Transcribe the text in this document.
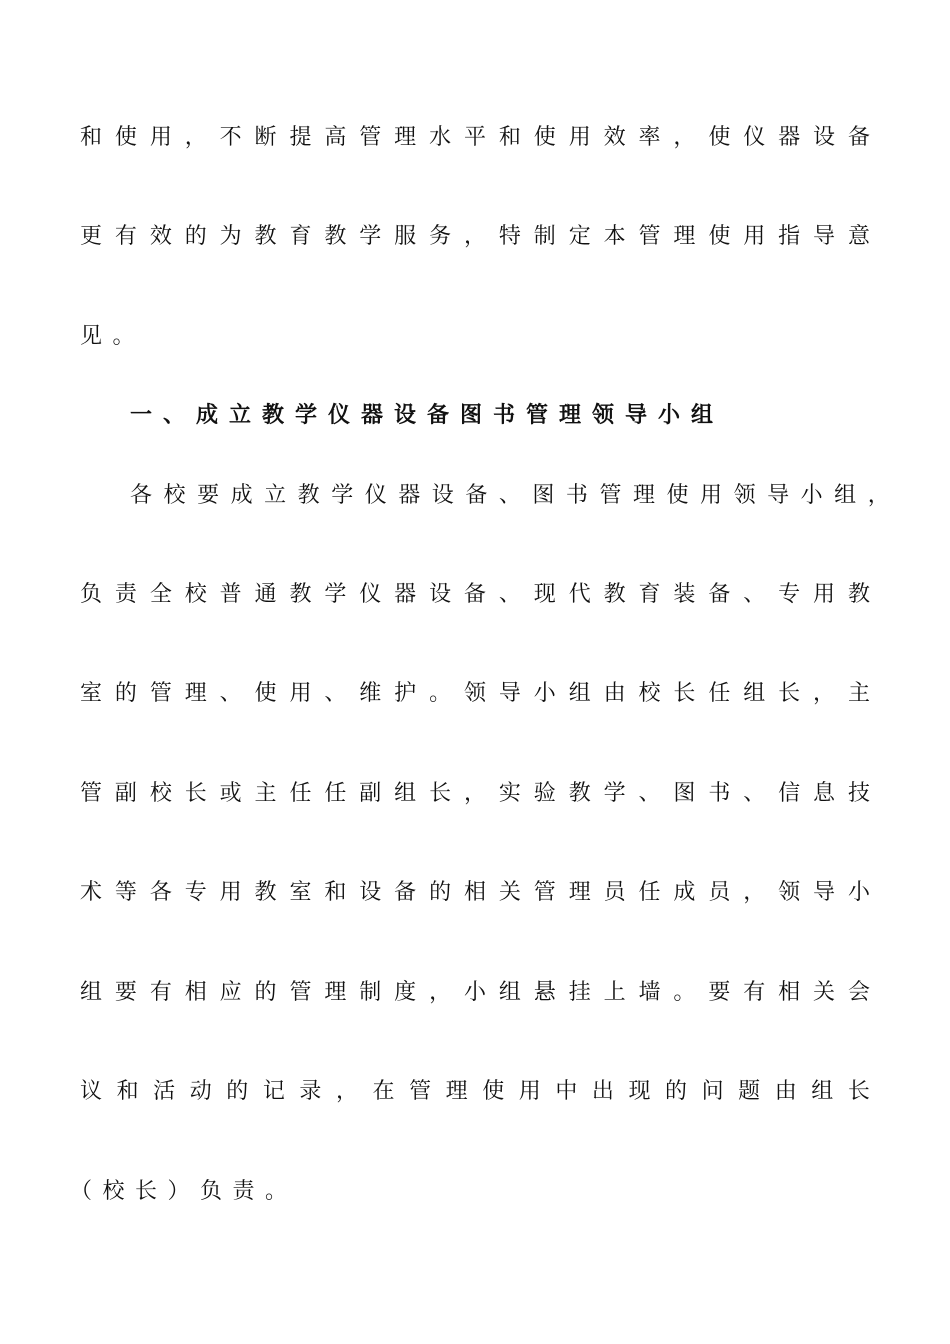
和 使 用 ， 不 断 提 高 管 理 水 平 和 使 用 效 率 ， 使 仪 器 设 备
更 有 效 的 为 教 育 教 学 服 务 ， 特 制 定 本 管 理 使 用 指 导 意
见。
一、成立教学仪器设备图书管理领导小组
各 校 要 成 立 教 学 仪 器 设 备 、 图 书 管 理 使 用 领 导 小 组 ，
负 责 全 校 普 通 教 学 仪 器 设 备 、 现 代 教 育 装 备 、 专 用 教
室 的 管 理 、 使 用 、 维 护 。 领 导 小 组 由 校 长 任 组 长 ， 主
管 副 校 长 或 主 任 任 副 组 长 ， 实 验 教 学 、 图 书 、 信 息 技
术 等 各 专 用 教 室 和 设 备 的 相 关 管 理 员 任 成 员 ， 领 导 小
组 要 有 相 应 的 管 理 制 度 ， 小 组 悬 挂 上 墙 。 要 有 相 关 会
议 和 活 动 的 记 录 ， 在 管 理 使 用 中 出 现 的 问 题 由 组 长
（校长）负责。
